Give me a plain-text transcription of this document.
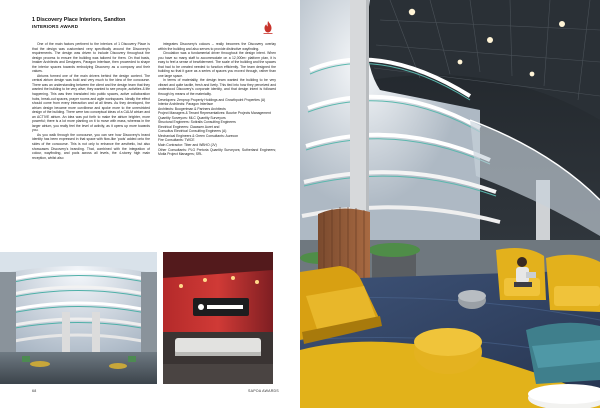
1 Discovery Place Interiors, Sandton
INTERIORS AWARD

One of the main factors pertinent to the interiors of 1 Discovery Place is that the design was customised very specifically around the Discovery's requirements. The design was driven to include Discovery throughout the design process to ensure the building was tailored for them. On that basis, Imaker Architects and Designers, Paragon Interface, then proceeded to shape the interior spaces towards embodying Discovery as a company and their values.

Atriums formed one of the main drivers behind the design context. The central atrium design was bold and very much to the idea of the concourse. There was an understanding between the client and the design team that they wanted the building to be very alive; they wanted to see people, activities & life happening. This was then translated into public spaces, active collaboration hubs, break-out spaces, prayer rooms and agile workspaces. Ideally the effect should come from every interaction and at all times. As they developed, the atrium design became more curvilinear and spoke more to the unrestricted design of the building. There were two conceptual ideas of a CALM atrium and an ACTIVE atrium. An idea was put forth to make the atrium brighter, more powerful; there is a lot more planting on it to move with mass, whereas in the larger atrium, you really feel the level of activity, as it opens up more towards you.

As you walk through the concourse, you can see how Discovery's brand identity has been expressed in that space with flow-like 'pods' added onto the sides of the concourse. This is not only to enhance the aesthetic, but also showcases Discovery's branding. That, combined with the integration of colour, wayfinding, and pods across all levels, the 4-storey high main reception, whilst also

integrates Discovery's colours – really becomes the Discovery overlay within the building and also serves to provide distinctive wayfinding.

Circulation was a fundamental driver throughout the design intent. When you have so many staff to accommodate on a 12,000m² platform plan, it is easy to feel a sense of bewilderment. The scale of the building and the spaces that had to be created needed to function efficiently. The team designed the building so that it gave as a series of spaces you moved through, rather than one large space.

In terms of materiality, the design team wanted the building to be very vibrant and quite tactile, fresh and lively. This tied into how they perceived and understood Discovery's corporate identity, and that design intent is followed through by means of the materiality.

Developers: Zenprop Property Holdings and Growthpoint Properties (A)

Interior Architects: Paragon Interface

Architects: Boogertman & Partners Architects

Project Managers & Tenant Representatives: Bourke Projects Management

Quantity Surveyors: MLC Quantity Surveyors

Structural Engineers: Sotiralis Consulting Engineers

Electrical Engineers: Claassen Auret and

Consultus Electrical Consulting Engineers (A)

Mechanical Engineers & Green Consultants: Aurecon

Fire Consultants: TWCE

Main Contractor: Tiber and WBHO (JV)

Other Consultants: PLG Pretoria Quantity Surveyors; Sutherland Engineers; Motla Project Managers; SRL

68	SAPOA AWARDS
